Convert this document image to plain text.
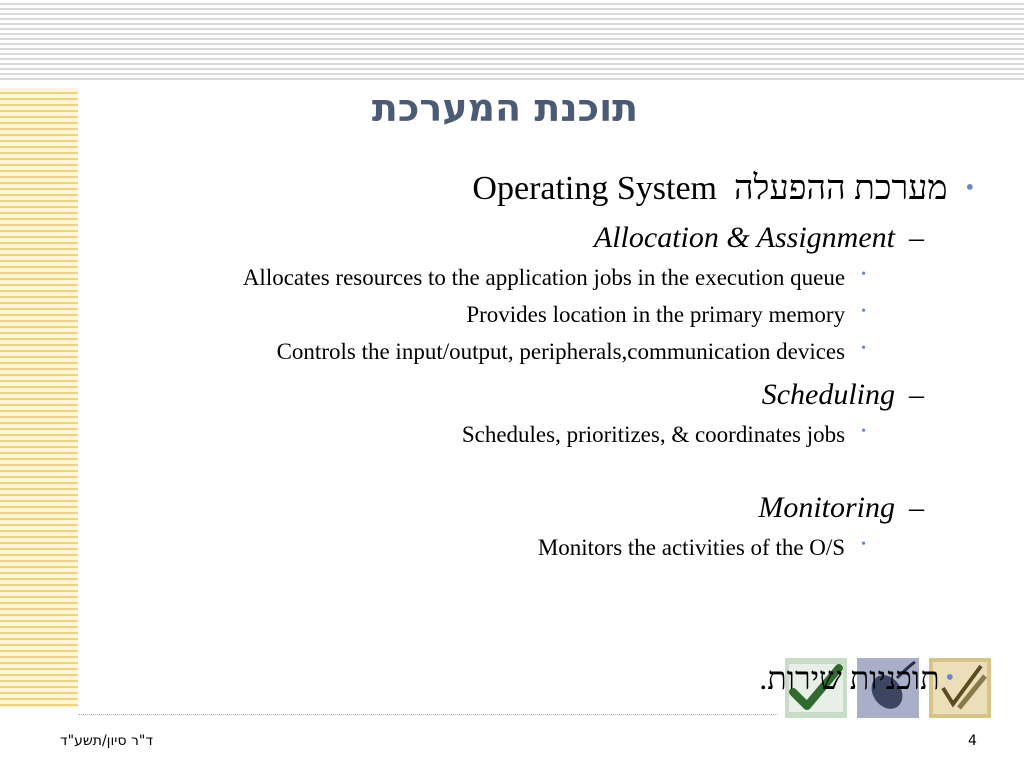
תוכנת המערכת
•מערכת ההפעלה  Operating System
–
Allocation & Assignment
•
Allocates resources to the application jobs in the execution queue
•
Provides location in the primary memory
•
Controls the input/output, peripherals,communication devices
–
Scheduling
•
Schedules, prioritizes, & coordinates jobs
–
Monitoring
•
Monitors the activities of the O/S
•תוכניות שירות.
ד"ר סיון/תשע"ד	4
